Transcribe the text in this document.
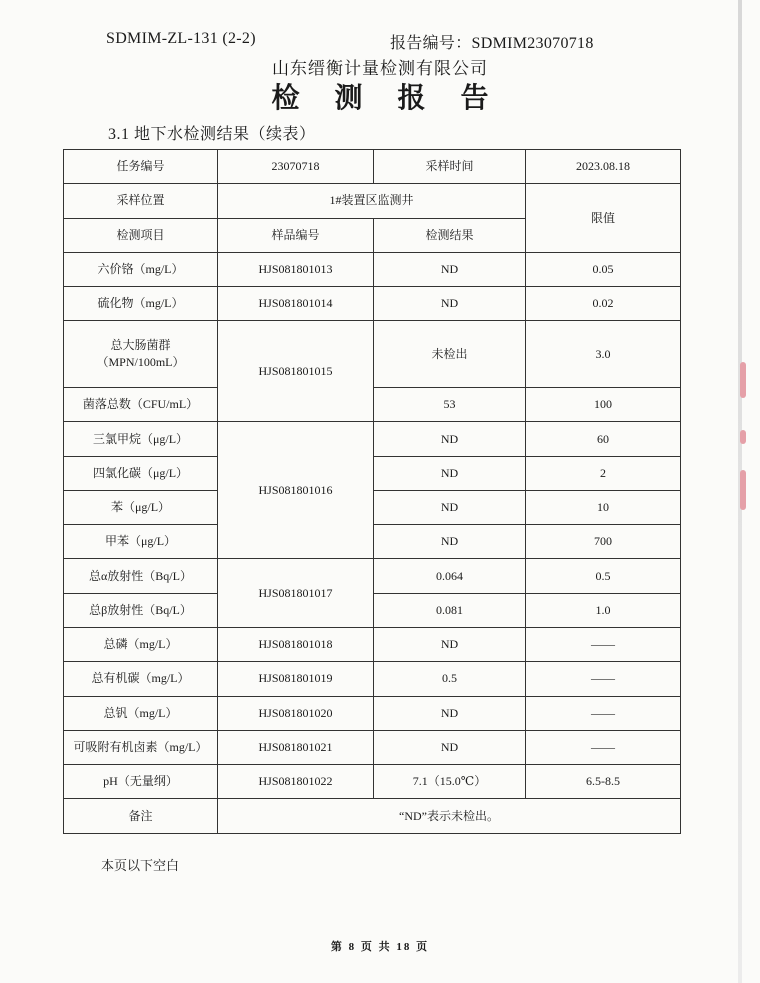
SDMIM-ZL-131 (2-2)	报告编号：SDMIM23070718
山东缙衡计量检测有限公司
检 测 报 告
3.1 地下水检测结果（续表）
任务编号	23070718	采样时间	2023.08.18
采样位置	1#装置区监测井		限值
检测项目	样品编号	检测结果	
六价铬（mg/L）	HJS081801013	ND	0.05
硫化物（mg/L）	HJS081801014	ND	0.02
总大肠菌群（MPN/100mL）	HJS081801015	未检出	3.0
菌落总数（CFU/mL）		53	100
三氯甲烷（μg/L）	HJS081801016	ND	60
四氯化碳（μg/L）		ND	2
苯（μg/L）		ND	10
甲苯（μg/L）		ND	700
总α放射性（Bq/L）	HJS081801017	0.064	0.5
总β放射性（Bq/L）		0.081	1.0
总磷（mg/L）	HJS081801018	ND	——
总有机碳（mg/L）	HJS081801019	0.5	——
总钒（mg/L）	HJS081801020	ND	——
可吸附有机卤素（mg/L）	HJS081801021	ND	——
pH（无量纲）	HJS081801022	7.1（15.0℃）	6.5-8.5
备注	“ND”表示未检出。		
本页以下空白
第 8 页 共 18 页
